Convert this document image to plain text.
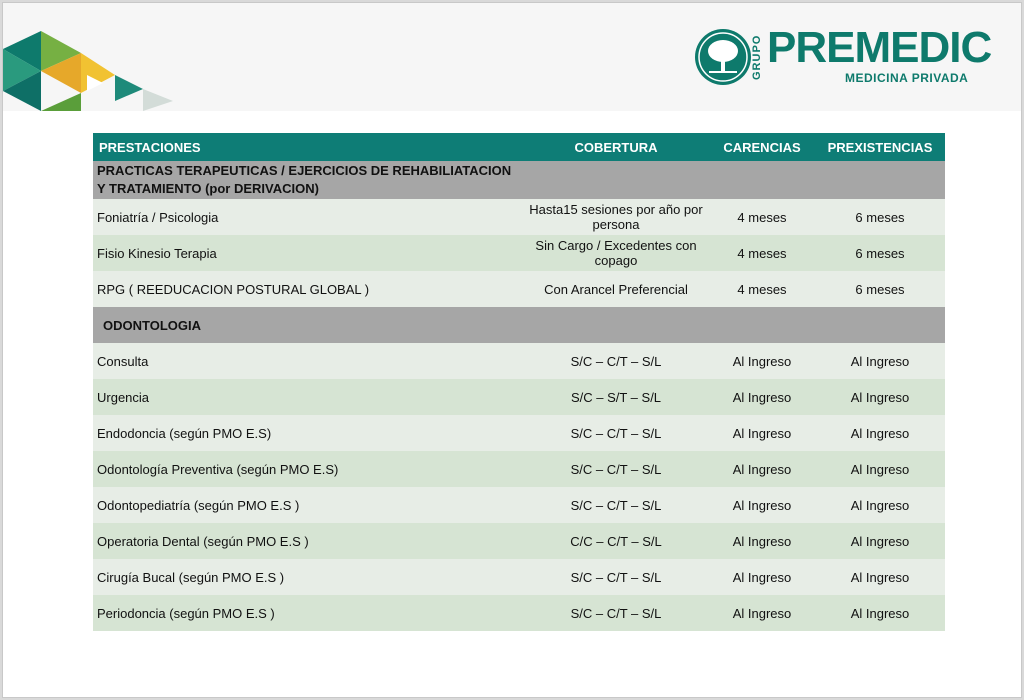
GRUPO PREMEDIC
MEDICINA PRIVADA
PRESTACIONES	COBERTURA	CARENCIAS	PREXISTENCIAS

PRACTICAS TERAPEUTICAS / EJERCICIOS DE REHABILIATACION Y TRATAMIENTO (por DERIVACION)			

Foniatría / Psicologia	Hasta15 sesiones por año por persona	4 meses	6 meses
Fisio Kinesio Terapia	Sin Cargo / Excedentes con copago	4 meses	6 meses
RPG ( REEDUCACION POSTURAL GLOBAL )	Con Arancel Preferencial	4 meses	6 meses
ODONTOLOGIA			
Consulta	S/C – C/T – S/L	Al Ingreso	Al Ingreso
Urgencia	S/C – S/T – S/L	Al Ingreso	Al Ingreso
Endodoncia (según PMO E.S)	S/C – C/T – S/L	Al Ingreso	Al Ingreso
Odontología Preventiva (según PMO E.S)	S/C – C/T – S/L	Al Ingreso	Al Ingreso
Odontopediatría (según PMO E.S )	S/C – C/T – S/L	Al Ingreso	Al Ingreso
Operatoria Dental (según PMO E.S )	C/C – C/T – S/L	Al Ingreso	Al Ingreso
Cirugía Bucal (según PMO E.S )	S/C – C/T – S/L	Al Ingreso	Al Ingreso
Periodoncia (según PMO E.S )	S/C – C/T – S/L	Al Ingreso	Al Ingreso
